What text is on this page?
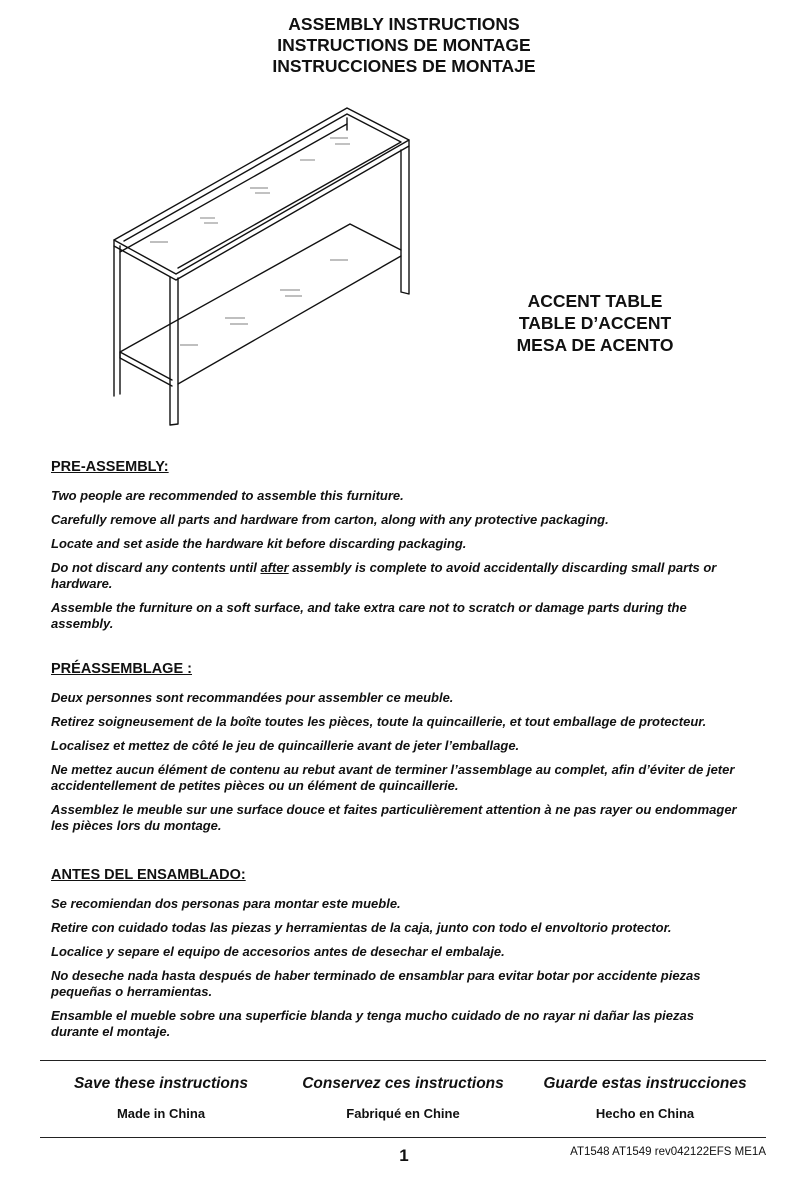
ASSEMBLY INSTRUCTIONS
INSTRUCTIONS DE MONTAGE
INSTRUCCIONES DE MONTAJE
ACCENT TABLE
TABLE D’ACCENT
MESA DE ACENTO
PRE-ASSEMBLY:

Two people are recommended to assemble this furniture.

Carefully remove all parts and hardware from carton, along with any protective packaging.

Locate and set aside the hardware kit before discarding packaging.

Do not discard any contents until after assembly is complete to avoid accidentally discarding small parts or hardware.

Assemble the furniture on a soft surface, and take extra care not to scratch or damage parts during the assembly.

PRÉASSEMBLAGE :

Deux personnes sont recommandées pour assembler ce meuble.

Retirez soigneusement de la boîte toutes les pièces, toute la quincaillerie, et tout emballage de protecteur.

Localisez et mettez de côté le jeu de quincaillerie avant de jeter l’emballage.

Ne mettez aucun élément de contenu au rebut avant de terminer l’assemblage au complet, afin d’éviter de jeter accidentellement de petites pièces ou un élément de quincaillerie.

Assemblez le meuble sur une surface douce et faites particulièrement attention à ne pas rayer ou endommager les pièces lors du montage.

ANTES DEL ENSAMBLADO:

Se recomiendan dos personas para montar este mueble.

Retire con cuidado todas las piezas y herramientas de la caja, junto con todo el envoltorio protector.

Localice y separe el equipo de accesorios antes de desechar el embalaje.

No deseche nada hasta después de haber terminado de ensamblar para evitar botar por accidente piezas pequeñas o herramientas.

Ensamble el mueble sobre una superficie blanda y tenga mucho cuidado de no rayar ni dañar las piezas durante el montaje.

Save these instructions	Conservez ces instructions	Guarde estas instrucciones
Made in China	Fabriqué en Chine	Hecho en China
1	AT1548 AT1549 rev042122EFS ME1A
